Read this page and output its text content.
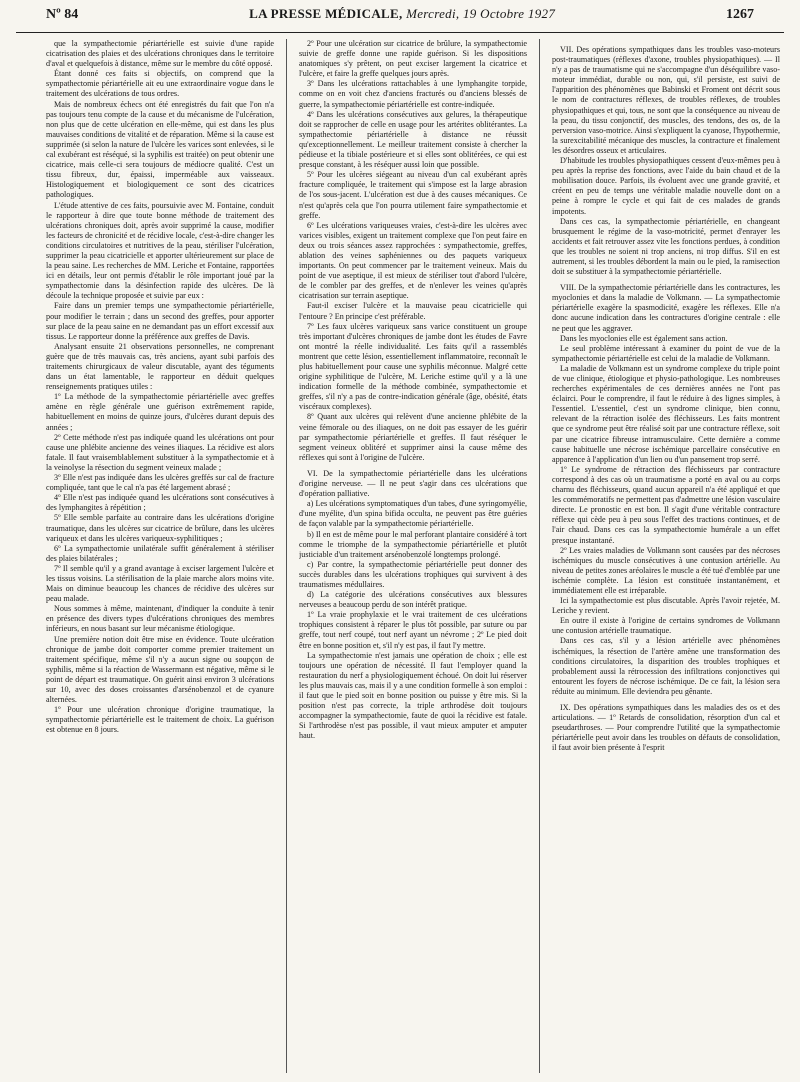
Nº 84	LA PRESSE MÉDICALE, Mercredi, 19 Octobre 1927	1267

que la sympathectomie périartérielle est suivie d'une rapide cicatrisation des plaies et des ulcérations chroniques dans le territoire d'aval et quelquefois à distance, même sur le membre du côté opposé.

Étant donné ces faits si objectifs, on comprend que la sympathectomie périartérielle ait eu une extraordinaire vogue dans le traitement des ulcérations de tous ordres.

Mais de nombreux échecs ont été enregistrés du fait que l'on n'a pas toujours tenu compte de la cause et du mécanisme de l'ulcération, non plus que de cette ulcération en elle-même, qui est dans les plus mauvaises conditions de vitalité et de réparation. Même si la cause est supprimée (si selon la nature de l'ulcère les varices sont enlevées, si le cal exubérant est réséqué, si la syphilis est traitée) on peut obtenir une cicatrice, mais celle-ci sera toujours de médiocre qualité. C'est un tissu fibreux, dur, épaissi, imperméable aux vaisseaux. Histologiquement et biologiquement ce sont des cicatrices pathologiques.

L'étude attentive de ces faits, poursuivie avec M. Fontaine, conduit le rapporteur à dire que toute bonne méthode de traitement des ulcérations chroniques doit, après avoir supprimé la cause, modifier les facteurs de chronicité et de récidive locale, c'est-à-dire changer les conditions circulatoires et nutritives de la peau, stériliser l'ulcération, supprimer la peau cicatricielle et apporter ultérieurement sur place de la peau saine. Les recherches de MM. Leriche et Fontaine, rapportées ici en détails, leur ont permis d'établir le rôle important joué par la sympathectomie dans la désinfection rapide des ulcères. De là découle la technique proposée et suivie par eux :

Faire dans un premier temps une sympathectomie périartérielle, pour modifier le terrain ; dans un second des greffes, pour apporter sur place de la peau saine en ne demandant pas un effort excessif aux tissus. Le rapporteur donne la préférence aux greffes de Davis.

Analysant ensuite 21 observations personnelles, ne comprenant guère que de très mauvais cas, très anciens, ayant subi parfois des traitements chirurgicaux de valeur discutable, ayant des téguments dans un état lamentable, le rapporteur en déduit quelques renseignements pratiques utiles :

1º La méthode de la sympathectomie périartérielle avec greffes amène en règle générale une guérison extrêmement rapide, habituellement en moins de quinze jours, d'ulcères durant depuis des années ;

2º Cette méthode n'est pas indiquée quand les ulcérations ont pour cause une phlébite ancienne des veines iliaques. La récidive est alors fatale. Il faut vraisemblablement substituer à la sympathectomie et à la veinolyse la résection du segment veineux malade ;

3º Elle n'est pas indiquée dans les ulcères greffés sur cal de fracture compliquée, tant que le cal n'a pas été largement abrasé ;

4º Elle n'est pas indiquée quand les ulcérations sont consécutives à des lymphangites à répétition ;

5º Elle semble parfaite au contraire dans les ulcérations d'origine traumatique, dans les ulcères sur cicatrice de brûlure, dans les ulcères variqueux et dans les ulcères variqueux-syphilitiques ;

6º La sympathectomie unilatérale suffit généralement à stériliser des plaies bilatérales ;

7º Il semble qu'il y a grand avantage à exciser largement l'ulcère et les tissus voisins. La stérilisation de la plaie marche alors moins vite. Mais on diminue beaucoup les chances de récidive des ulcères sur peau malade.

Nous sommes à même, maintenant, d'indiquer la conduite à tenir en présence des divers types d'ulcérations chroniques des membres inférieurs, en nous basant sur leur mécanisme étiologique.

Une première notion doit être mise en évidence. Toute ulcération chronique de jambe doit comporter comme premier traitement un traitement spécifique, même s'il n'y a aucun signe ou soupçon de syphilis, même si la réaction de Wassermann est négative, même si le point de départ est traumatique. On guérit ainsi environ 3 ulcérations sur 10, avec des doses croissantes d'arsénobenzol et de cyanure alternées.

1º Pour une ulcération chronique d'origine traumatique, la sympathectomie périartérielle est le traitement de choix. La guérison est obtenue en 8 jours.

2º Pour une ulcération sur cicatrice de brûlure, la sympathectomie suivie de greffe donne une rapide guérison. Si les dispositions anatomiques s'y prêtent, on peut exciser largement la cicatrice et l'ulcère, et faire la greffe quelques jours après.

3º Dans les ulcérations rattachables à une lymphangite torpide, comme on en voit chez d'anciens fracturés ou d'anciens blessés de guerre, la sympathectomie périartérielle est contre-indiquée.

4º Dans les ulcérations consécutives aux gelures, la thérapeutique doit se rapprocher de celle en usage pour les artérites oblitérantes. La sympathectomie périartérielle à distance ne réussit qu'exceptionnellement. Le meilleur traitement consiste à chercher la pédieuse et la tibiale postérieure et si elles sont oblitérées, ce qui est presque constant, à les réséquer aussi loin que possible.

5º Pour les ulcères siégeant au niveau d'un cal exubérant après fracture compliquée, le traitement qui s'impose est la large abrasion de l'os sous-jacent. L'ulcération est due à des causes mécaniques. Ce n'est qu'après cela que l'on pourra utilement faire sympathectomie et greffe.

6º Les ulcérations variqueuses vraies, c'est-à-dire les ulcères avec varices visibles, exigent un traitement complexe que l'on peut faire en deux ou trois séances assez rapprochées : sympathectomie, greffes, ablation des veines saphéniennes ou des paquets variqueux importants. On peut commencer par le traitement veineux. Mais du point de vue aseptique, il est mieux de stériliser tout d'abord l'ulcère, de le combler par des greffes, et de n'enlever les veines qu'après cicatrisation sur terrain aseptique.

Faut-il exciser l'ulcère et la mauvaise peau cicatricielle qui l'entoure ? En principe c'est préférable.

7º Les faux ulcères variqueux sans varice constituent un groupe très important d'ulcères chroniques de jambe dont les études de Favre ont montré la réelle individualité. Les faits qu'il a rassemblés montrent que cette lésion, essentiellement inflammatoire, reconnaît le plus habituellement pour cause une syphilis méconnue. Malgré cette origine syphilitique de l'ulcère, M. Leriche estime qu'il y a là une indication formelle de la méthode combinée, sympathectomie et greffes, s'il n'y a pas de contre-indication générale (âge, obésité, états viscéraux complexes).

8º Quant aux ulcères qui relèvent d'une ancienne phlébite de la veine fémorale ou des iliaques, on ne doit pas essayer de les guérir par sympathectomie périartérielle et greffes. Il faut réséquer le segment veineux oblitéré et supprimer ainsi la cause même des réflexes qui sont à l'origine de l'ulcère.

VI. De la sympathectomie périartérielle dans les ulcérations d'origine nerveuse. — Il ne peut s'agir dans ces ulcérations que d'opération palliative.

a) Les ulcérations symptomatiques d'un tabes, d'une syringomyélie, d'une myélite, d'un spina bifida occulta, ne peuvent pas être guéries de façon valable par la sympathectomie périartérielle.

b) Il en est de même pour le mal perforant plantaire considéré à tort comme le triomphe de la sympathectomie périartérielle et plutôt justiciable d'un traitement arsénobenzolé longtemps prolongé.

c) Par contre, la sympathectomie périartérielle peut donner des succès durables dans les ulcérations trophiques qui survivent à des traumatismes médullaires.

d) La catégorie des ulcérations consécutives aux blessures nerveuses a beaucoup perdu de son intérêt pratique.

1º La vraie prophylaxie et le vrai traitement de ces ulcérations trophiques consistent à réparer le plus tôt possible, par suture ou par greffe, tout nerf coupé, tout nerf ayant un névrome ; 2º Le pied doit être en bonne position et, s'il n'y est pas, il faut l'y mettre.

La sympathectomie n'est jamais une opération de choix ; elle est toujours une opération de nécessité. Il faut l'employer quand la restauration du nerf a physiologiquement échoué. On doit lui réserver les plus mauvais cas, mais il y a une condition formelle à son emploi : il faut que le pied soit en bonne position ou puisse y être mis. Si la position n'est pas correcte, la triple arthrodèse doit toujours accompagner la sympathectomie, faute de quoi la récidive est fatale. Si l'arthrodèse n'est pas possible, il vaut mieux amputer et amputer haut.

VII. Des opérations sympathiques dans les troubles vaso-moteurs post-traumatiques (réflexes d'axone, troubles physiopathiques). — Il n'y a pas de traumatisme qui ne s'accompagne d'un déséquilibre vaso-moteur immédiat, durable ou non, qui, s'il persiste, est suivi de l'apparition des phénomènes que Babinski et Froment ont décrit sous le nom de contractures réflexes, de troubles réflexes, de troubles physiopathiques et qui, tous, ne sont que la conséquence au niveau de la peau, du tissu conjonctif, des muscles, des tendons, des os, de la perversion vaso-motrice. Ainsi s'expliquent la cyanose, l'hypothermie, la surexcitabilité mécanique des muscles, la contracture et finalement les désordres osseux et articulaires.

D'habitude les troubles physiopathiques cessent d'eux-mêmes peu à peu après la reprise des fonctions, avec l'aide du bain chaud et de la mobilisation douce. Parfois, ils évoluent avec une grande gravité, et créent en peu de temps une véritable maladie nouvelle dont on a peine à rompre le cycle et qui fait de ces malades de grands impotents.

Dans ces cas, la sympathectomie périartérielle, en changeant brusquement le régime de la vaso-motricité, permet d'enrayer les accidents et fait retrouver assez vite les fonctions perdues, à condition que les troubles ne soient ni trop anciens, ni trop diffus. S'il en est autrement, si les troubles débordent la main ou le pied, la ramisection doit se substituer à la sympathectomie périartérielle.

VIII. De la sympathectomie périartérielle dans les contractures, les myoclonies et dans la maladie de Volkmann. — La sympathectomie périartérielle exagère la spasmodicité, exagère les réflexes. Elle n'a donc aucune indication dans les contractures d'origine centrale : elle ne peut que les aggraver.

Dans les myoclonies elle est également sans action.

Le seul problème intéressant à examiner du point de vue de la sympathectomie périartérielle est celui de la maladie de Volkmann.

La maladie de Volkmann est un syndrome complexe du triple point de vue clinique, étiologique et physio-pathologique. Les nombreuses recherches expérimentales de ces dernières années ne l'ont pas éclairci. Pour le comprendre, il faut le réduire à des lignes simples, à l'essentiel. L'essentiel, c'est un syndrome clinique, bien connu, relevant de la rétraction isolée des fléchisseurs. Les faits montrent que ce syndrome peut être réalisé soit par une contracture réflexe, soit par une cicatrice fibreuse intramusculaire. Cette dernière a comme cause habituelle une nécrose ischémique parcellaire consécutive en apparence à l'application d'un lien ou d'un pansement trop serré.

1º Le syndrome de rétraction des fléchisseurs par contracture correspond à des cas où un traumatisme a porté en aval ou au corps charnu des fléchisseurs, quand aucun appareil n'a été appliqué et que les commémoratifs ne permettent pas d'admettre une lésion vasculaire directe. Le pronostic en est bon. Il s'agit d'une véritable contracture réflexe qui cède peu à peu sous l'effet des tractions continues, et de l'air chaud. Dans ces cas la sympathectomie humérale a un effet presque instantané.

2º Les vraies maladies de Volkmann sont causées par des nécroses ischémiques du muscle consécutives à une contusion artérielle. Au niveau de petites zones aréolaires le muscle a été tué d'emblée par une ischémie complète. La lésion est constituée instantanément, et immédiatement elle est irréparable.

Ici la sympathectomie est plus discutable. Après l'avoir rejetée, M. Leriche y revient.

En outre il existe à l'origine de certains syndromes de Volkmann une contusion artérielle traumatique.

Dans ces cas, s'il y a lésion artérielle avec phénomènes ischémiques, la résection de l'artère amène une transformation des conditions circulatoires, la disparition des troubles trophiques et probablement aussi la rétrocession des infiltrations conjonctives qui entourent les foyers de nécrose ischémique. De ce fait, la lésion sera réduite au minimum. Elle deviendra peu gênante.

IX. Des opérations sympathiques dans les maladies des os et des articulations. — 1º Retards de consolidation, résorption d'un cal et pseudarthroses. — Pour comprendre l'utilité que la sympathectomie périartérielle peut avoir dans les troubles on défauts de consolidation, il faut avoir bien présente à l'esprit
